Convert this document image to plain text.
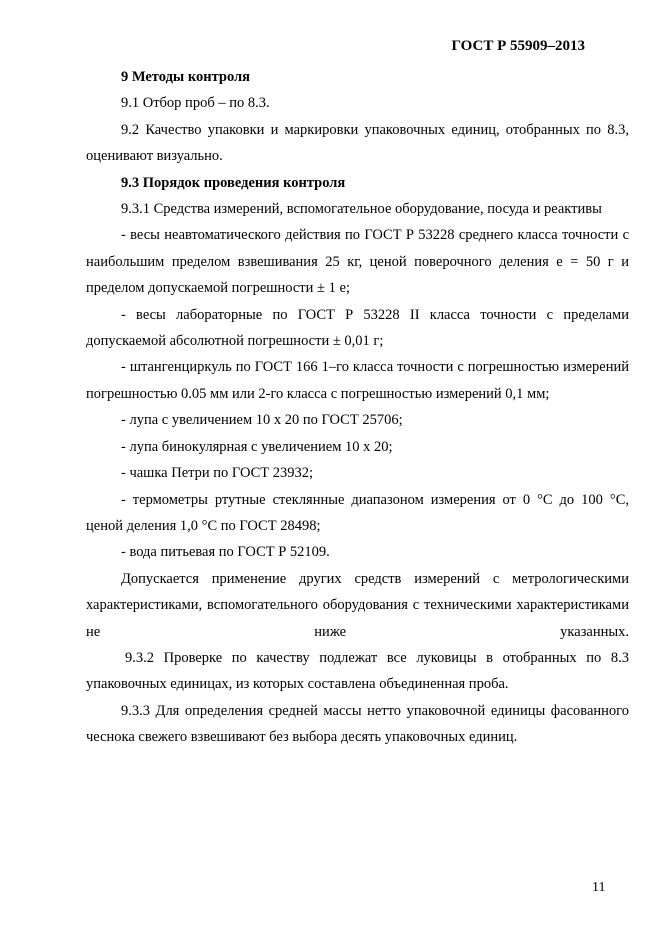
ГОСТ Р 55909–2013

9 Методы контроля

9.1 Отбор проб – по 8.3.

9.2 Качество упаковки и маркировки упаковочных единиц, отобранных по 8.3, оценивают визуально.

9.3 Порядок проведения контроля

9.3.1 Средства измерений, вспомогательное оборудование, посуда и реактивы

- весы неавтоматического действия по ГОСТ Р 53228 среднего класса точности с наибольшим пределом взвешивания 25 кг, ценой поверочного деления е = 50 г и пределом допускаемой погрешности ± 1 е;

- весы лабораторные по ГОСТ Р 53228 II класса точности с пределами допускаемой абсолютной погрешности ± 0,01 г;

- штангенциркуль по ГОСТ 166 1–го класса точности с погрешностью измерений погрешностью 0.05 мм или 2-го класса с погрешностью измерений 0,1 мм;

- лупа с увеличением 10 х 20 по ГОСТ 25706;

- лупа бинокулярная с увеличением 10 х 20;

- чашка Петри по ГОСТ 23932;

- термометры ртутные стеклянные диапазоном измерения от 0 °С до 100 °С, ценой деления 1,0 °С по ГОСТ 28498;

- вода питьевая по ГОСТ Р 52109.

Допускается применение других средств измерений с метрологическими характеристиками, вспомогательного оборудования с техническими характеристиками не ниже указанных.

9.3.2 Проверке по качеству подлежат все луковицы в отобранных по 8.3 упаковочных единицах, из которых составлена объединенная проба.

9.3.3 Для определения средней массы нетто упаковочной единицы фасованного чеснока свежего взвешивают без выбора десять упаковочных единиц.

11
